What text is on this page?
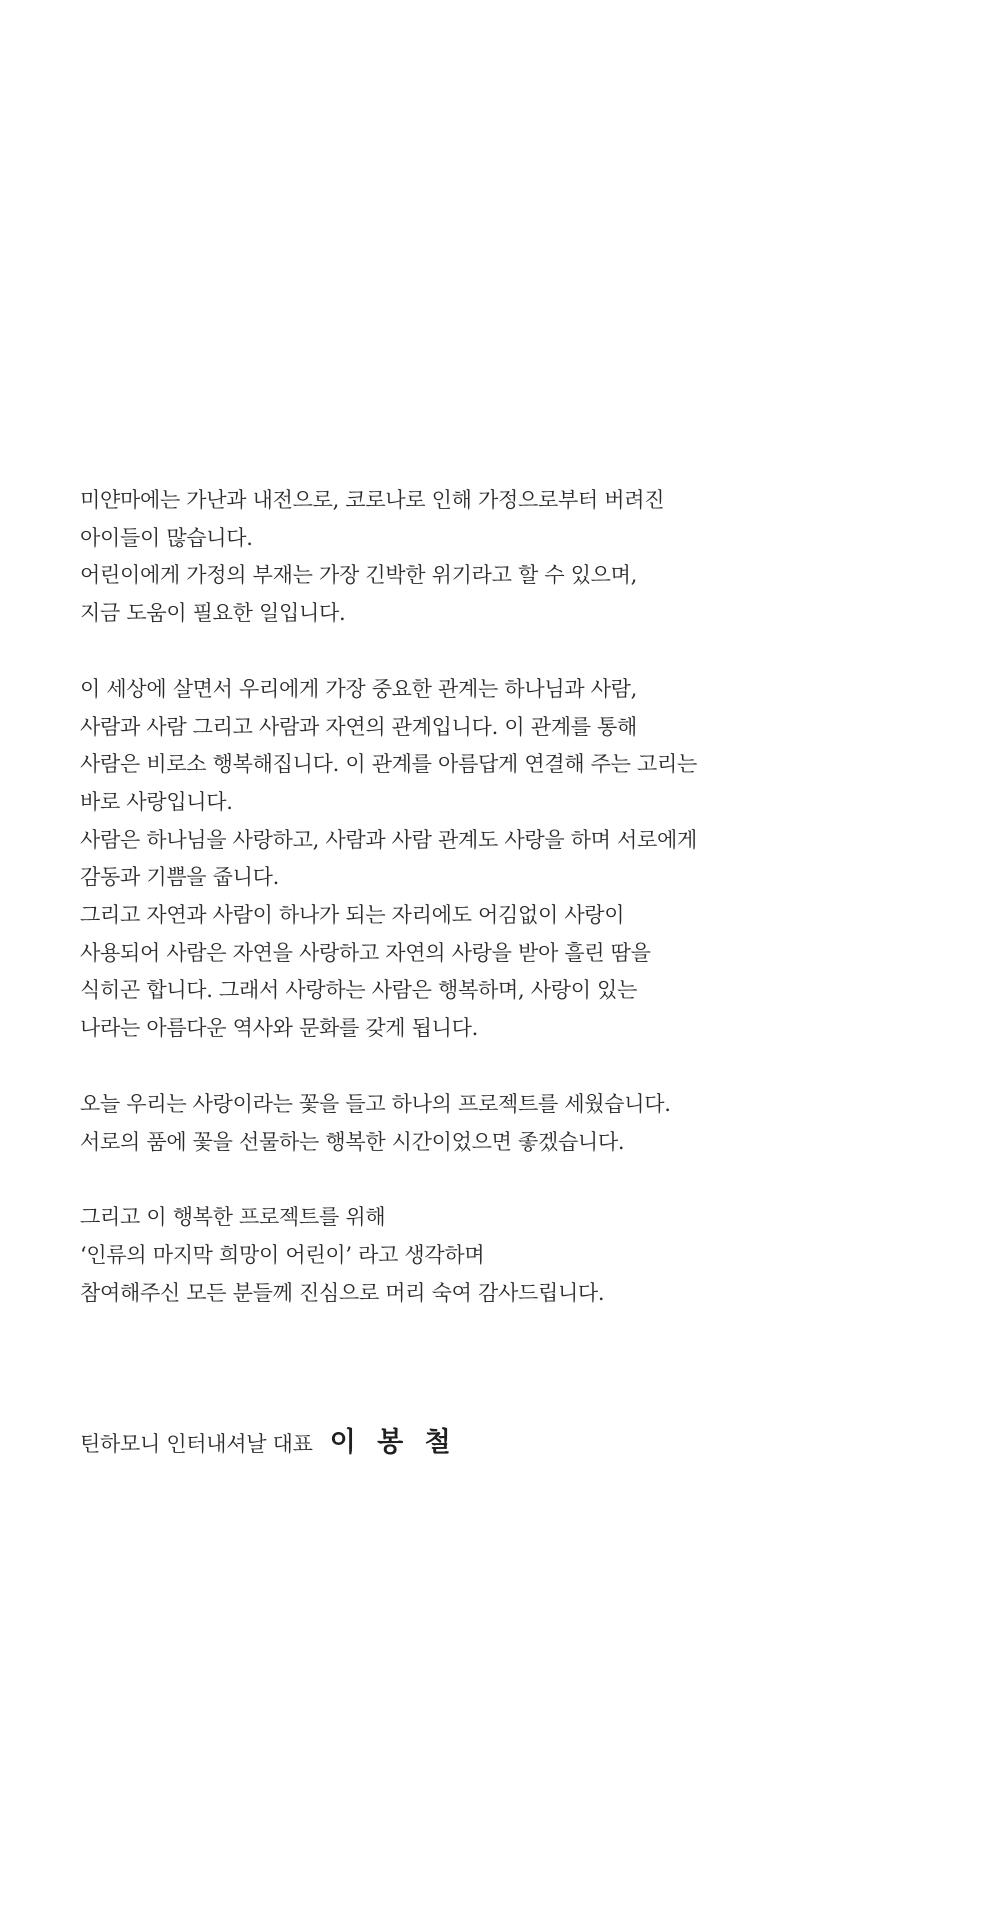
미얀마에는 가난과 내전으로, 코로나로 인해 가정으로부터 버려진
아이들이 많습니다.
어린이에게 가정의 부재는 가장 긴박한 위기라고 할 수 있으며,
지금 도움이 필요한 일입니다.
이 세상에 살면서 우리에게 가장 중요한 관계는 하나님과 사람,
사람과 사람 그리고 사람과 자연의 관계입니다. 이 관계를 통해
사람은 비로소 행복해집니다. 이 관계를 아름답게 연결해 주는 고리는
바로 사랑입니다.
사람은 하나님을 사랑하고, 사람과 사람 관계도 사랑을 하며 서로에게
감동과 기쁨을 줍니다.
그리고 자연과 사람이 하나가 되는 자리에도 어김없이 사랑이
사용되어 사람은 자연을 사랑하고 자연의 사랑을 받아 흘린 땀을
식히곤 합니다. 그래서 사랑하는 사람은 행복하며, 사랑이 있는
나라는 아름다운 역사와 문화를 갖게 됩니다.
오늘 우리는 사랑이라는 꽃을 들고 하나의 프로젝트를 세웠습니다.
서로의 품에 꽃을 선물하는 행복한 시간이었으면 좋겠습니다.
그리고 이 행복한 프로젝트를 위해
‘인류의 마지막 희망이 어린이’ 라고 생각하며
참여해주신 모든 분들께 진심으로 머리 숙여 감사드립니다.
틴하모니 인터내셔날 대표 이 봉 철
